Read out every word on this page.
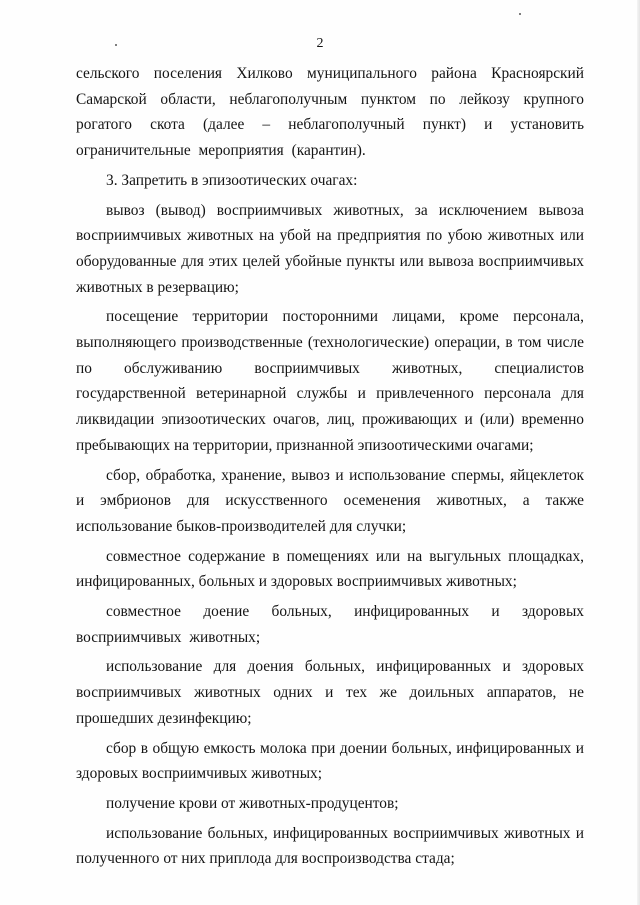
2

сельского поселения Хилково муниципального района Красноярский Самарской области, неблагополучным пунктом по лейкозу крупного рогатого скота (далее – неблагополучный пункт) и установить ограничительные мероприятия (карантин).

3. Запретить в эпизоотических очагах:

вывоз (вывод) восприимчивых животных, за исключением вывоза восприимчивых животных на убой на предприятия по убою животных или оборудованные для этих целей убойные пункты или вывоза восприимчивых животных в резервацию;

посещение территории посторонними лицами, кроме персонала, выполняющего производственные (технологические) операции, в том числе по обслуживанию восприимчивых животных, специалистов государственной ветеринарной службы и привлеченного персонала для ликвидации эпизоотических очагов, лиц, проживающих и (или) временно пребывающих на территории, признанной эпизоотическими очагами;

сбор, обработка, хранение, вывоз и использование спермы, яйцеклеток и эмбрионов для искусственного осеменения животных, а также использование быков-производителей для случки;

совместное содержание в помещениях или на выгульных площадках, инфицированных, больных и здоровых восприимчивых животных;

совместное доение больных, инфицированных и здоровых восприимчивых животных;

использование для доения больных, инфицированных и здоровых восприимчивых животных одних и тех же доильных аппаратов, не прошедших дезинфекцию;

сбор в общую емкость молока при доении больных, инфицированных и здоровых восприимчивых животных;

получение крови от животных-продуцентов;

использование больных, инфицированных восприимчивых животных и полученного от них приплода для воспроизводства стада;
